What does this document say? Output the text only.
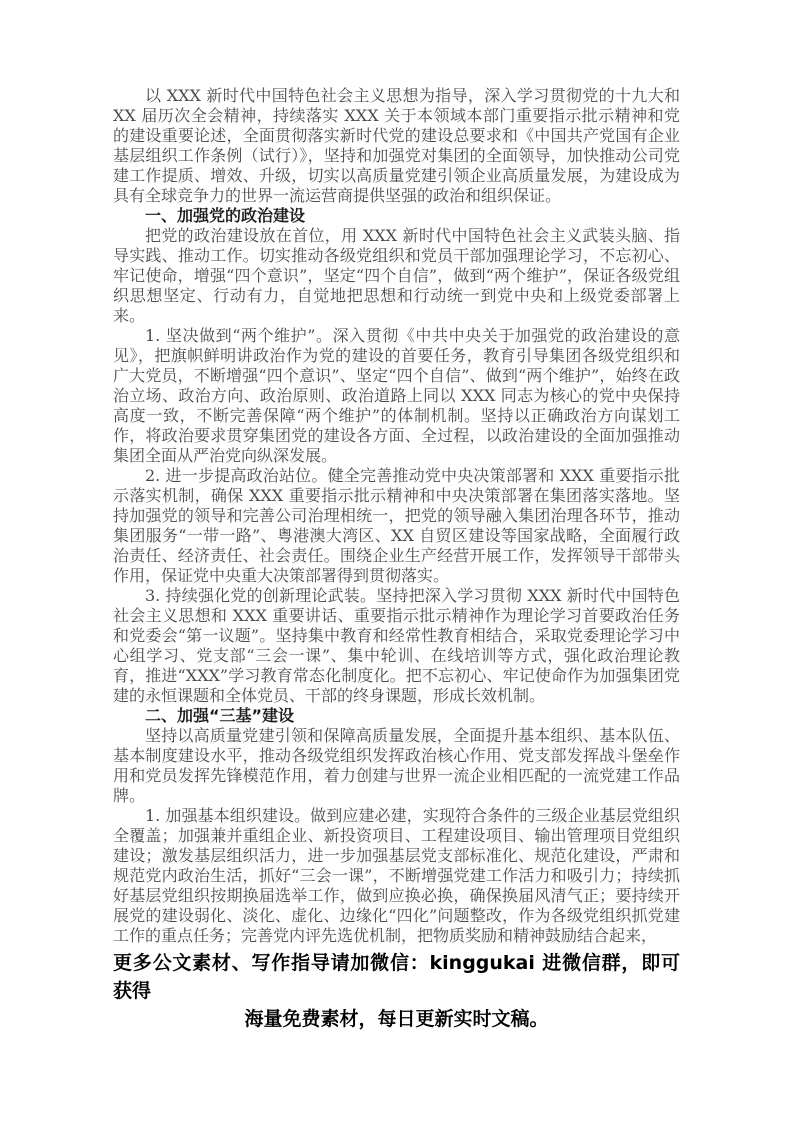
以 XXX 新时代中国特色社会主义思想为指导，深入学习贯彻党的十九大和 XX 届历次全会精神，持续落实 XXX 关于本领域本部门重要指示批示精神和党的建设重要论述，全面贯彻落实新时代党的建设总要求和《中国共产党国有企业基层组织工作条例（试行）》，坚持和加强党对集团的全面领导，加快推动公司党建工作提质、增效、升级，切实以高质量党建引领企业高质量发展，为建设成为具有全球竞争力的世界一流运营商提供坚强的政治和组织保证。

一、加强党的政治建设

把党的政治建设放在首位，用 XXX 新时代中国特色社会主义武装头脑、指导实践、推动工作。切实推动各级党组织和党员干部加强理论学习，不忘初心、牢记使命，增强“四个意识”，坚定“四个自信”，做到“两个维护”，保证各级党组织思想坚定、行动有力，自觉地把思想和行动统一到党中央和上级党委部署上来。

1. 坚决做到“两个维护”。深入贯彻《中共中央关于加强党的政治建设的意见》，把旗帜鲜明讲政治作为党的建设的首要任务，教育引导集团各级党组织和广大党员，不断增强“四个意识”、坚定“四个自信”、做到“两个维护”，始终在政治立场、政治方向、政治原则、政治道路上同以 XXX 同志为核心的党中央保持高度一致，不断完善保障“两个维护”的体制机制。坚持以正确政治方向谋划工作，将政治要求贯穿集团党的建设各方面、全过程，以政治建设的全面加强推动集团全面从严治党向纵深发展。

2. 进一步提高政治站位。健全完善推动党中央决策部署和 XXX 重要指示批示落实机制，确保 XXX 重要指示批示精神和中央决策部署在集团落实落地。坚持加强党的领导和完善公司治理相统一，把党的领导融入集团治理各环节，推动集团服务“一带一路”、粤港澳大湾区、XX 自贸区建设等国家战略，全面履行政治责任、经济责任、社会责任。围绕企业生产经营开展工作，发挥领导干部带头作用，保证党中央重大决策部署得到贯彻落实。

3. 持续强化党的创新理论武装。坚持把深入学习贯彻 XXX 新时代中国特色社会主义思想和 XXX 重要讲话、重要指示批示精神作为理论学习首要政治任务和党委会“第一议题”。坚持集中教育和经常性教育相结合，采取党委理论学习中心组学习、党支部“三会一课”、集中轮训、在线培训等方式，强化政治理论教育，推进“XXX”学习教育常态化制度化。把不忘初心、牢记使命作为加强集团党建的永恒课题和全体党员、干部的终身课题，形成长效机制。

二、加强“三基”建设

坚持以高质量党建引领和保障高质量发展，全面提升基本组织、基本队伍、基本制度建设水平，推动各级党组织发挥政治核心作用、党支部发挥战斗堡垒作用和党员发挥先锋模范作用，着力创建与世界一流企业相匹配的一流党建工作品牌。

1. 加强基本组织建设。做到应建必建，实现符合条件的三级企业基层党组织全覆盖；加强兼并重组企业、新投资项目、工程建设项目、输出管理项目党组织建设；激发基层组织活力，进一步加强基层党支部标准化、规范化建设，严肃和规范党内政治生活，抓好“三会一课”，不断增强党建工作活力和吸引力；持续抓好基层党组织按期换届选举工作，做到应换必换，确保换届风清气正；要持续开展党的建设弱化、淡化、虚化、边缘化“四化”问题整改，作为各级党组织抓党建工作的重点任务；完善党内评先选优机制，把物质奖励和精神鼓励结合起来，

更多公文素材、写作指导请加微信：kinggukai 进微信群，即可获得
海量免费素材，每日更新实时文稿。
